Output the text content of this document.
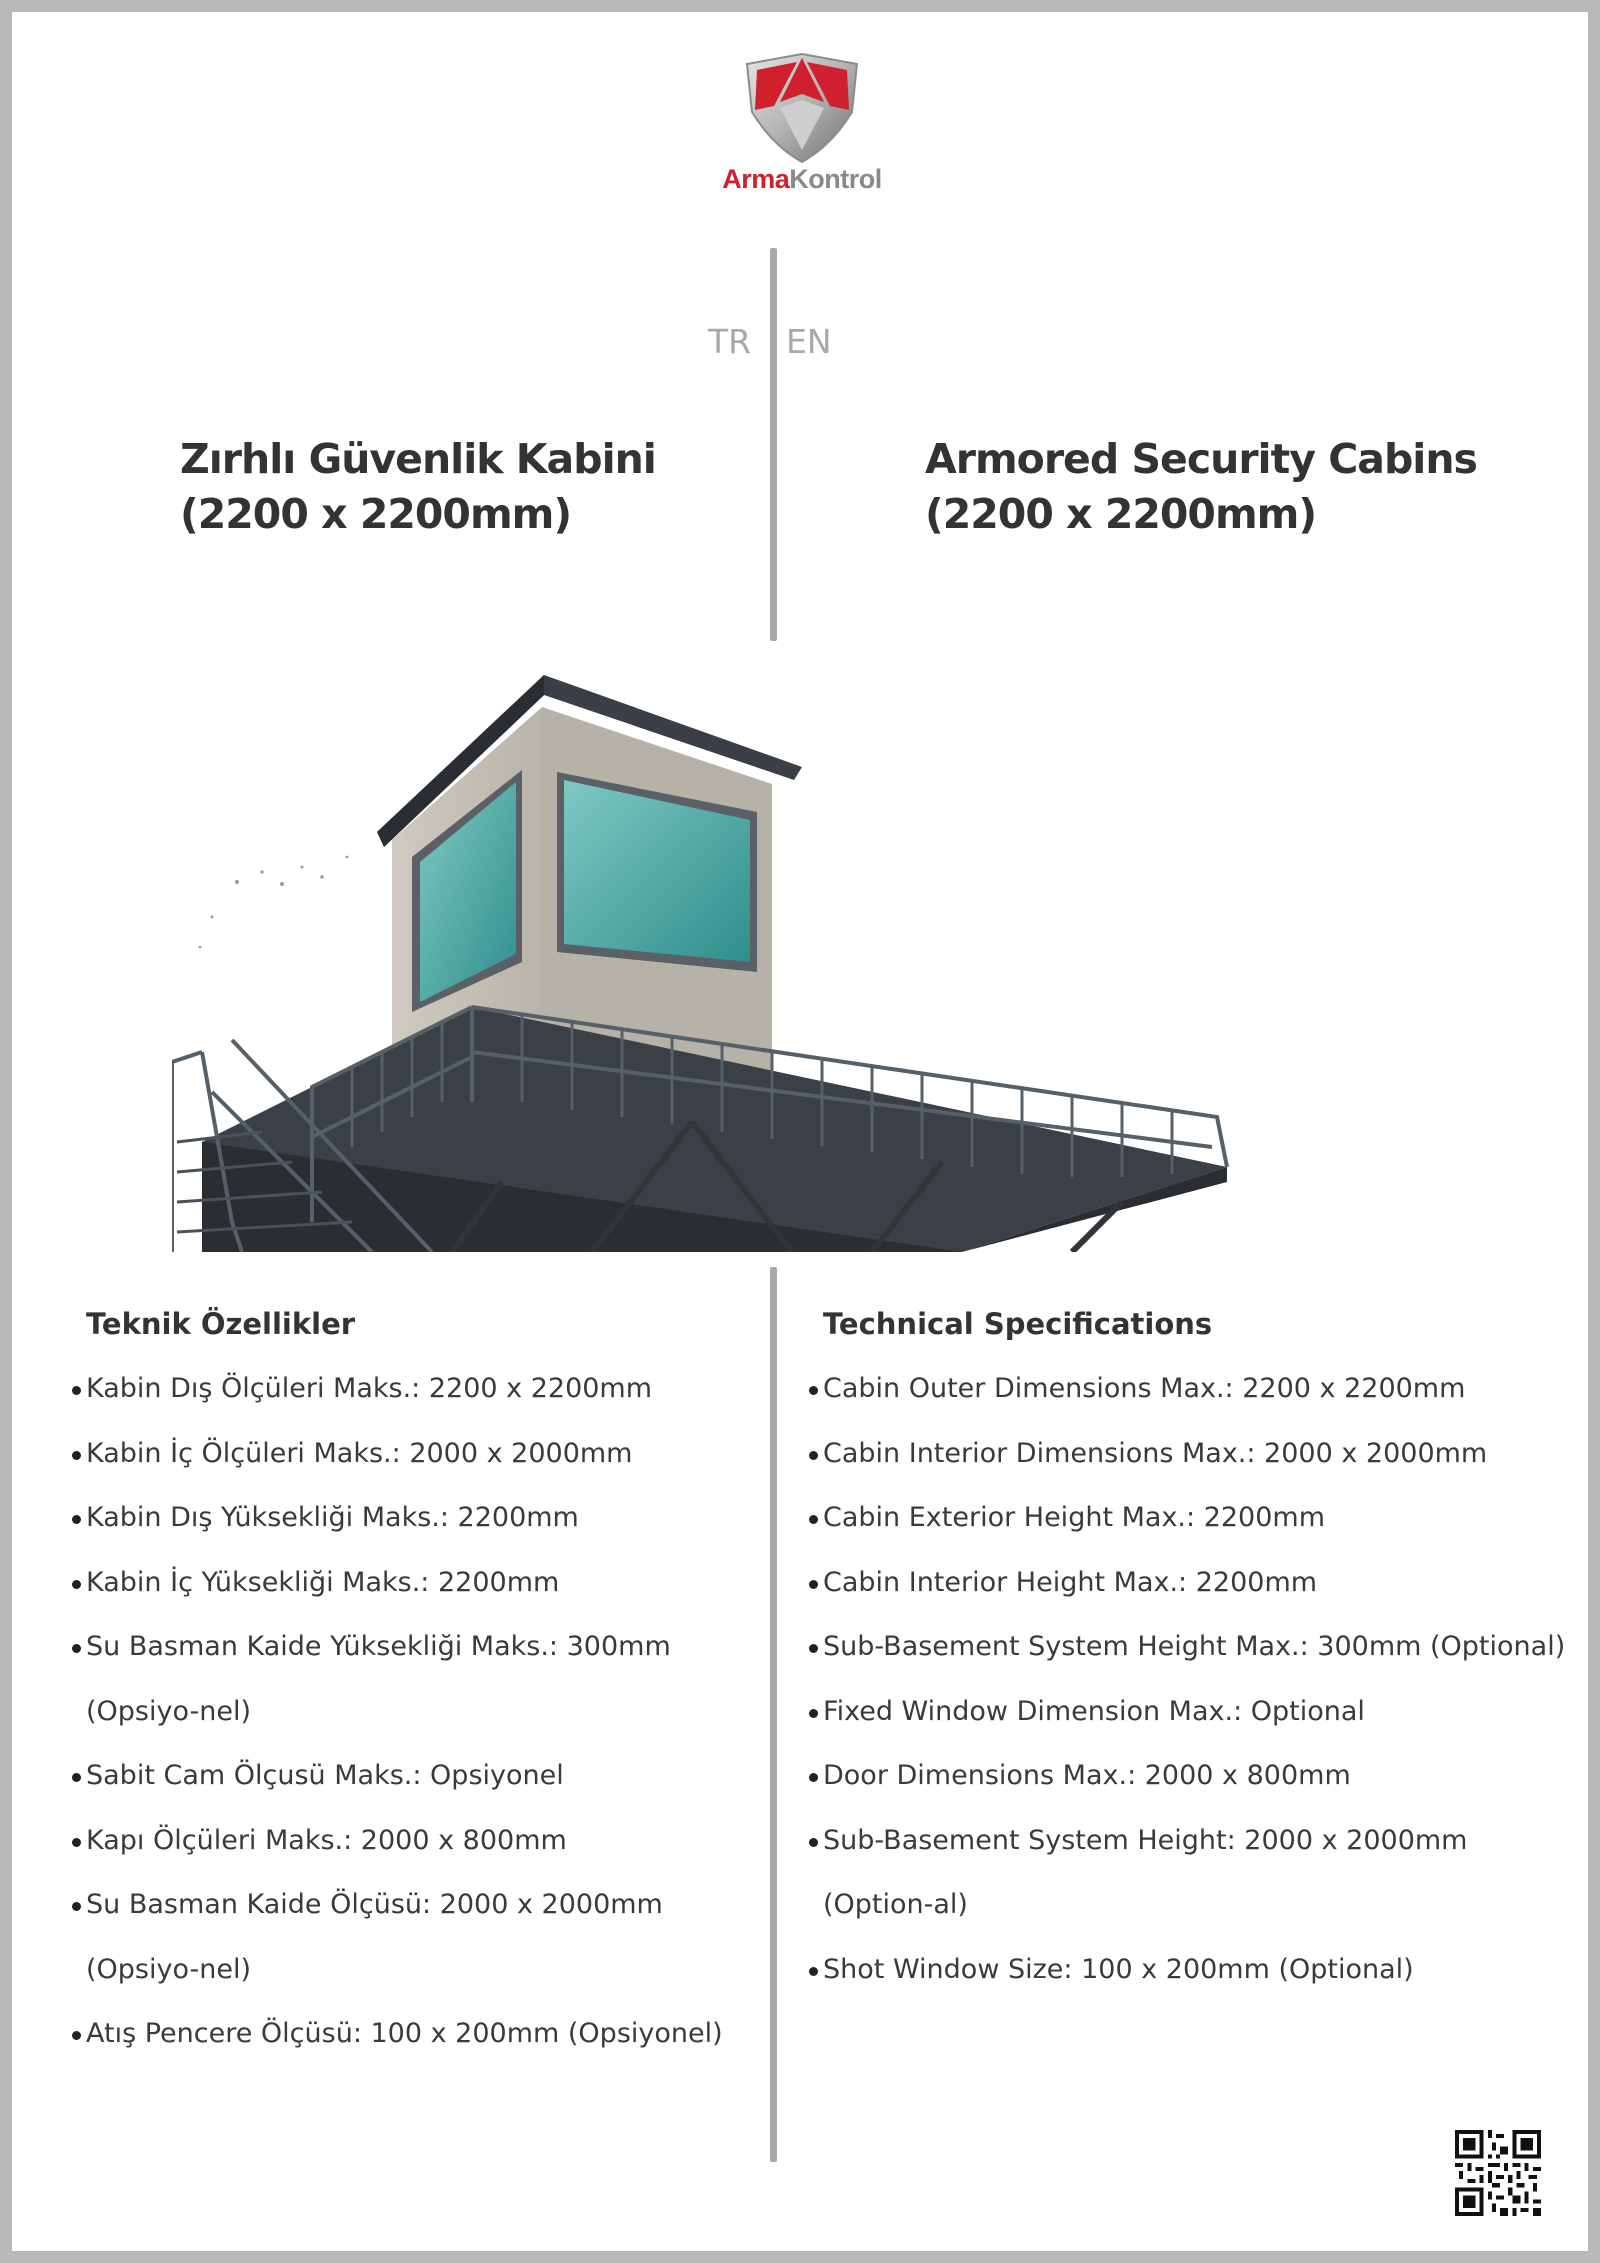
ArmaKontrol
TR EN
Zırhlı Güvenlik Kabini
(2200 x 2200mm)
Armored Security Cabins
(2200 x 2200mm)
Teknik Özellikler
Kabin Dış Ölçüleri Maks.: 2200 x 2200mm
Kabin İç Ölçüleri Maks.: 2000 x 2000mm
Kabin Dış Yüksekliği Maks.: 2200mm
Kabin İç Yüksekliği Maks.: 2200mm
Su Basman Kaide Yüksekliği Maks.: 300mm (Opsiyo-nel)
Sabit Cam Ölçusü Maks.: Opsiyonel
Kapı Ölçüleri Maks.: 2000 x 800mm
Su Basman Kaide Ölçüsü: 2000 x 2000mm (Opsiyo-nel)
Atış Pencere Ölçüsü: 100 x 200mm (Opsiyonel)
Technical Specifications
Cabin Outer Dimensions Max.: 2200 x 2200mm
Cabin Interior Dimensions Max.: 2000 x 2000mm
Cabin Exterior Height Max.: 2200mm
Cabin Interior Height Max.: 2200mm
Sub-Basement System Height Max.: 300mm (Optional)
Fixed Window Dimension Max.: Optional
Door Dimensions Max.: 2000 x 800mm
Sub-Basement System Height: 2000 x 2000mm (Option-al)
Shot Window Size: 100 x 200mm (Optional)
